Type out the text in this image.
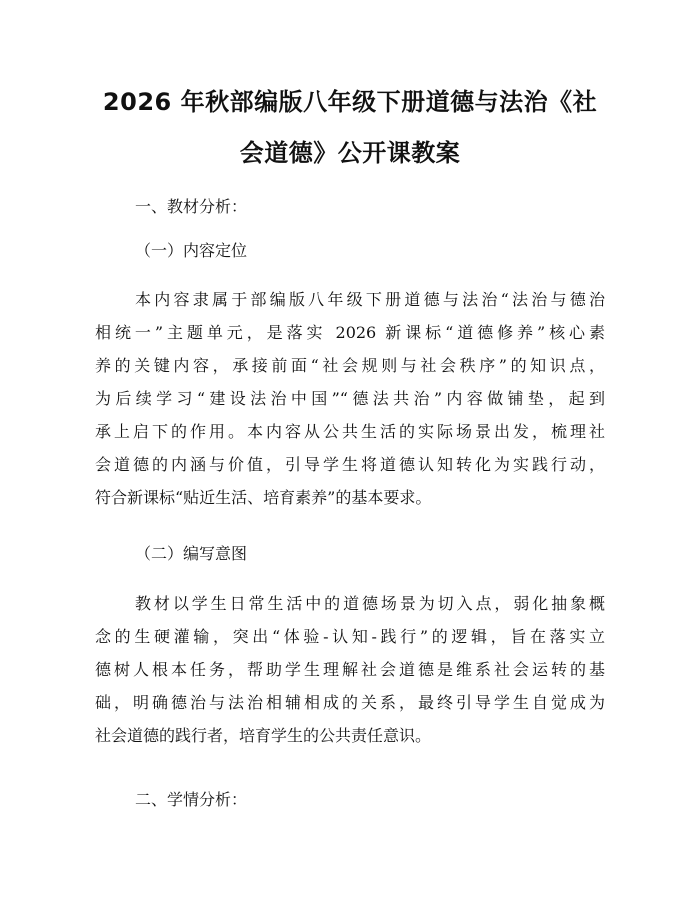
2026 年秋部编版八年级下册道德与法治《社
会道德》公开课教案

一、教材分析：

（一）内容定位

本内容隶属于部编版八年级下册道德与法治“法治与德治
相统一”主题单元，是落实 2026 新课标“道德修养”核心素
养的关键内容，承接前面“社会规则与社会秩序”的知识点，
为后续学习“建设法治中国”“德法共治”内容做铺垫，起到
承上启下的作用。本内容从公共生活的实际场景出发，梳理社
会道德的内涵与价值，引导学生将道德认知转化为实践行动，
符合新课标“贴近生活、培育素养”的基本要求。

（二）编写意图

教材以学生日常生活中的道德场景为切入点，弱化抽象概
念的生硬灌输，突出“体验-认知-践行”的逻辑，旨在落实立
德树人根本任务，帮助学生理解社会道德是维系社会运转的基
础，明确德治与法治相辅相成的关系，最终引导学生自觉成为
社会道德的践行者，培育学生的公共责任意识。

二、学情分析：
